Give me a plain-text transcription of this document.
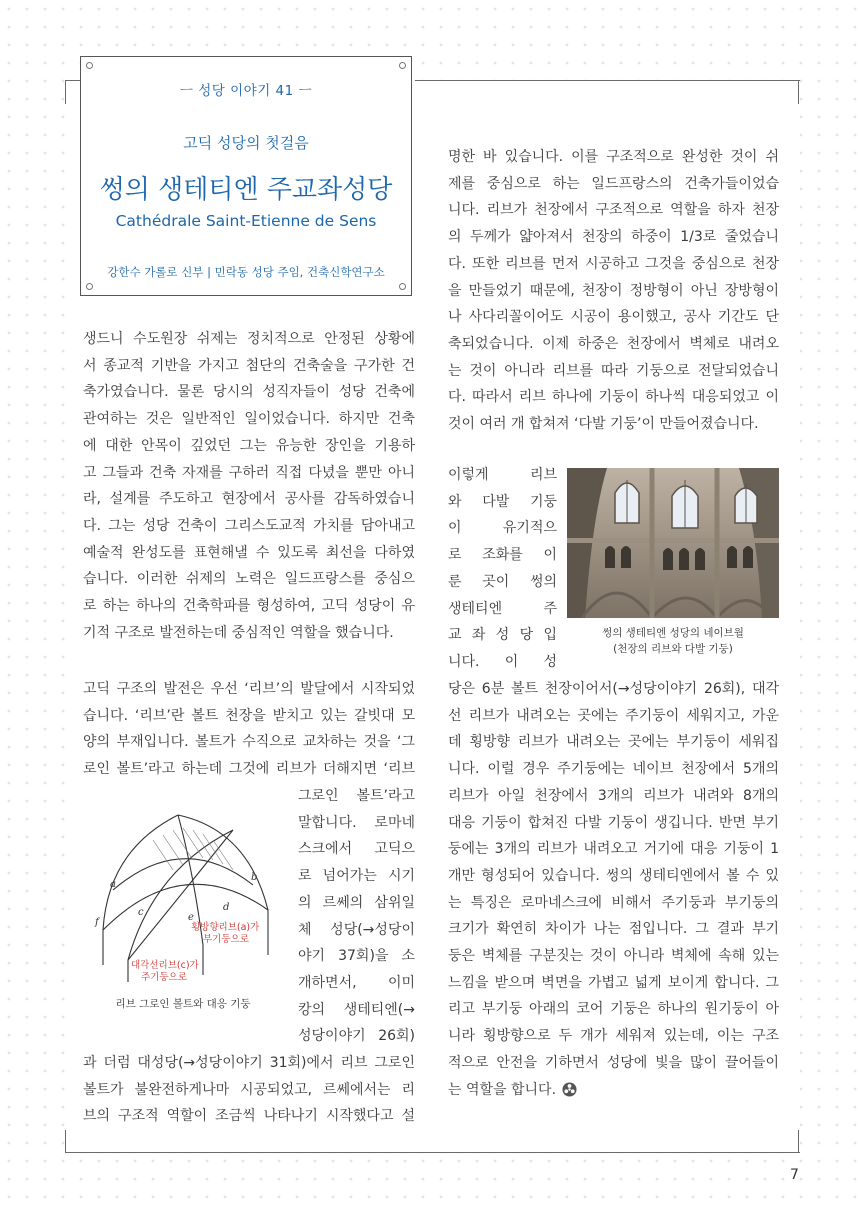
ㅡ 성당 이야기 41 ㅡ
고딕 성당의 첫걸음
썽의 생테티엔 주교좌성당
Cathédrale Saint-Etienne de Sens
강한수 가롤로 신부 | 민락동 성당 주임, 건축신학연구소
생드니 수도원장 쉬제는 정치적으로 안정된 상황에
서 종교적 기반을 가지고 첨단의 건축술을 구가한 건
축가였습니다. 물론 당시의 성직자들이 성당 건축에
관여하는 것은 일반적인 일이었습니다. 하지만 건축
에 대한 안목이 깊었던 그는 유능한 장인을 기용하
고 그들과 건축 자재를 구하러 직접 다녔을 뿐만 아니
라, 설계를 주도하고 현장에서 공사를 감독하였습니
다. 그는 성당 건축이 그리스도교적 가치를 담아내고
예술적 완성도를 표현해낼 수 있도록 최선을 다하였
습니다. 이러한 쉬제의 노력은 일드프랑스를 중심으
로 하는 하나의 건축학파를 형성하여, 고딕 성당이 유
기적 구조로 발전하는데 중심적인 역할을 했습니다.
고딕 구조의 발전은 우선 ‘리브’의 발달에서 시작되었
습니다. ‘리브’란 볼트 천장을 받치고 있는 갈빗대 모
양의 부재입니다. 볼트가 수직으로 교차하는 것을 ‘그
로인 볼트’라고 하는데 그것에 리브가 더해지면 ‘리브
그로인 볼트’라고
말합니다. 로마네
스크에서 고딕으
로 넘어가는 시기
의 르쎄의 삼위일
체 성당(→성당이
야기 37회)을 소
개하면서, 이미
캉의 생테티엔(→
성당이야기 26회)
과 더럼 대성당(→성당이야기 31회)에서 리브 그로인
볼트가 불완전하게나마 시공되었고, 르쎄에서는 리
브의 구조적 역할이 조금씩 나타나기 시작했다고 설
명한 바 있습니다. 이를 구조적으로 완성한 것이 쉬
제를 중심으로 하는 일드프랑스의 건축가들이었습
니다. 리브가 천장에서 구조적으로 역할을 하자 천장
의 두께가 얇아져서 천장의 하중이 1/3로 줄었습니
다. 또한 리브를 먼저 시공하고 그것을 중심으로 천장
을 만들었기 때문에, 천장이 정방형이 아닌 장방형이
나 사다리꼴이어도 시공이 용이했고, 공사 기간도 단
축되었습니다. 이제 하중은 천장에서 벽체로 내려오
는 것이 아니라 리브를 따라 기둥으로 전달되었습니
다. 따라서 리브 하나에 기둥이 하나씩 대응되었고 이
것이 여러 개 합쳐져 ‘다발 기둥’이 만들어졌습니다.
이렇게 리브
와 다발 기둥
이 유기적으
로 조화를 이
룬 곳이 썽의
생테티엔 주
교 좌 성 당 입
니다. 이 성
당은 6분 볼트 천장이어서(→성당이야기 26회), 대각
선 리브가 내려오는 곳에는 주기둥이 세워지고, 가운
데 횡방향 리브가 내려오는 곳에는 부기둥이 세워집
니다. 이럴 경우 주기둥에는 네이브 천장에서 5개의
리브가 아일 천장에서 3개의 리브가 내려와 8개의
대응 기둥이 합쳐진 다발 기둥이 생깁니다. 반면 부기
둥에는 3개의 리브가 내려오고 거기에 대응 기둥이 1
개만 형성되어 있습니다. 썽의 생테티엔에서 볼 수 있
는 특징은 로마네스크에 비해서 주기둥과 부기둥의
크기가 확연히 차이가 나는 점입니다. 그 결과 부기
둥은 벽체를 구분짓는 것이 아니라 벽체에 속해 있는
느낌을 받으며 벽면을 가볍고 넓게 보이게 합니다. 그
리고 부기둥 아래의 코어 기둥은 하나의 원기둥이 아
니라 횡방향으로 두 개가 세워져 있는데, 이는 구조
적으로 안전을 기하면서 성당에 빛을 많이 끌어들이
는 역할을 합니다.
썽의 생테티엔 성당의 네이브월
(천장의 리브와 다발 기둥)
a
b
c	d
e
f	횡방향리브(a)가
부기둥으로
대각선리브(c)가
주기둥으로
리브 그로인 볼트와 대응 기둥
7
